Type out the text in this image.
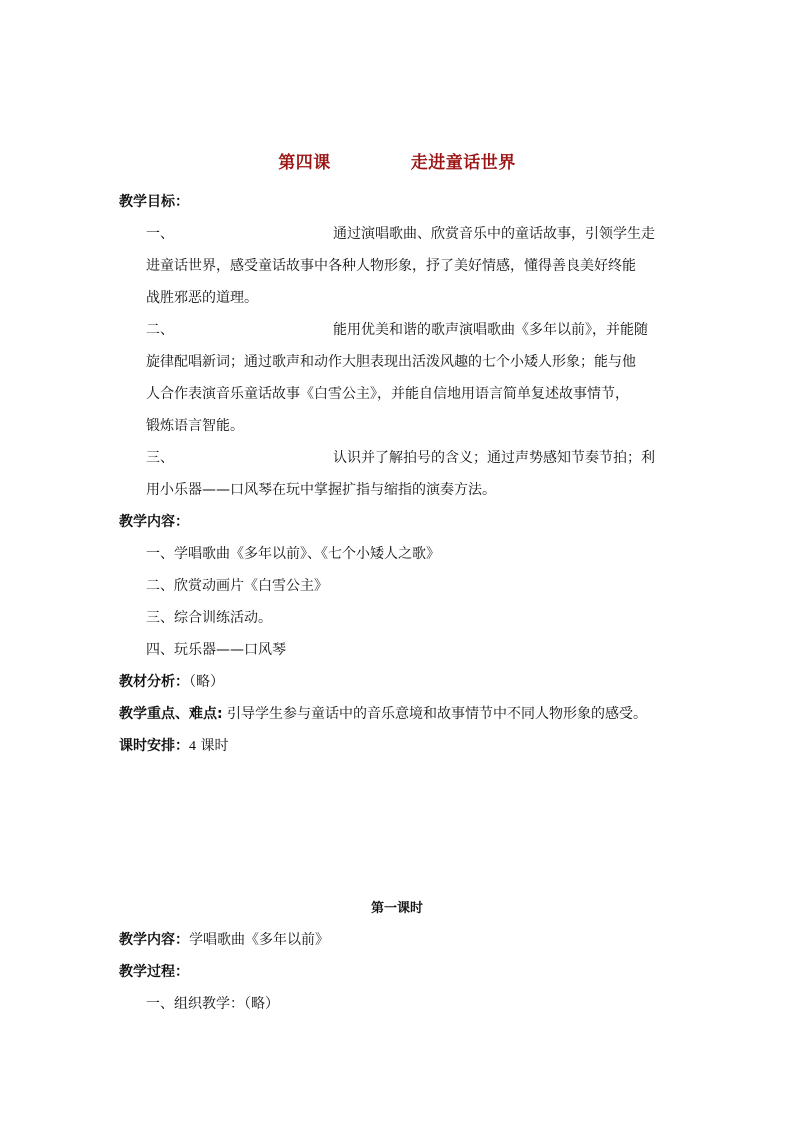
第四课	走进童话世界
教学目标：
一、	通过演唱歌曲、欣赏音乐中的童话故事，引领学生走
进童话世界，感受童话故事中各种人物形象，抒了美好情感，懂得善良美好终能
战胜邪恶的道理。
二、	能用优美和谐的歌声演唱歌曲《多年以前》，并能随
旋律配唱新词；通过歌声和动作大胆表现出活泼风趣的七个小矮人形象；能与他
人合作表演音乐童话故事《白雪公主》，并能自信地用语言简单复述故事情节，
锻炼语言智能。
三、	认识并了解拍号的含义；通过声势感知节奏节拍；利
用小乐器——口风琴在玩中掌握扩指与缩指的演奏方法。
教学内容：
一、学唱歌曲《多年以前》、《七个小矮人之歌》
二、欣赏动画片《白雪公主》
三、综合训练活动。
四、玩乐器——口风琴
教材分析：（略）
教学重点、难点: 引导学生参与童话中的音乐意境和故事情节中不同人物形象的感受。
课时安排：4 课时
第一课时
教学内容：学唱歌曲《多年以前》
教学过程：
一、组织教学：（略）
